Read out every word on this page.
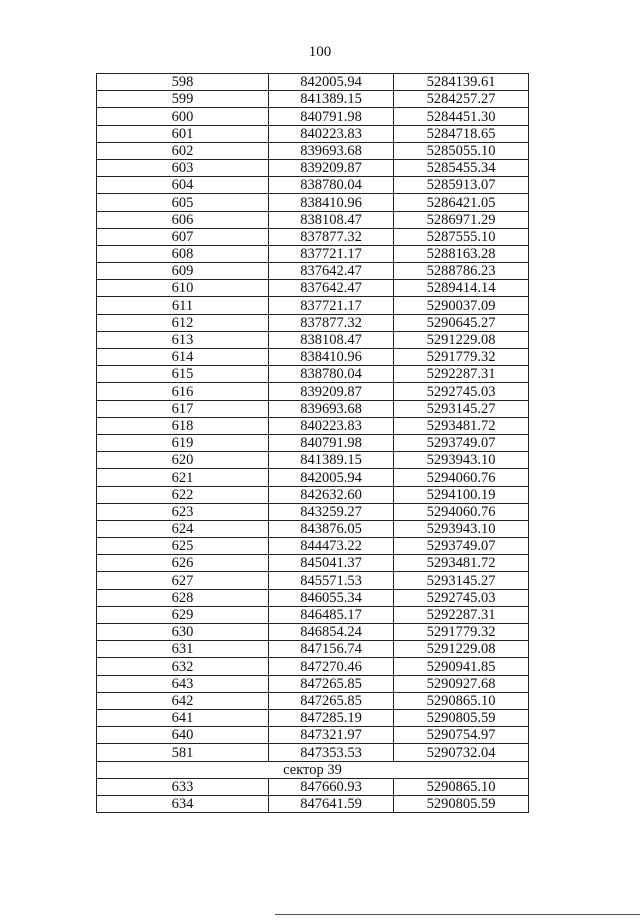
100
598	842005.94	5284139.61
599	841389.15	5284257.27
600	840791.98	5284451.30
601	840223.83	5284718.65
602	839693.68	5285055.10
603	839209.87	5285455.34
604	838780.04	5285913.07
605	838410.96	5286421.05
606	838108.47	5286971.29
607	837877.32	5287555.10
608	837721.17	5288163.28
609	837642.47	5288786.23
610	837642.47	5289414.14
611	837721.17	5290037.09
612	837877.32	5290645.27
613	838108.47	5291229.08
614	838410.96	5291779.32
615	838780.04	5292287.31
616	839209.87	5292745.03
617	839693.68	5293145.27
618	840223.83	5293481.72
619	840791.98	5293749.07
620	841389.15	5293943.10
621	842005.94	5294060.76
622	842632.60	5294100.19
623	843259.27	5294060.76
624	843876.05	5293943.10
625	844473.22	5293749.07
626	845041.37	5293481.72
627	845571.53	5293145.27
628	846055.34	5292745.03
629	846485.17	5292287.31
630	846854.24	5291779.32
631	847156.74	5291229.08
632	847270.46	5290941.85
643	847265.85	5290927.68
642	847265.85	5290865.10
641	847285.19	5290805.59
640	847321.97	5290754.97
581	847353.53	5290732.04
сектор 39		
633	847660.93	5290865.10
634	847641.59	5290805.59
